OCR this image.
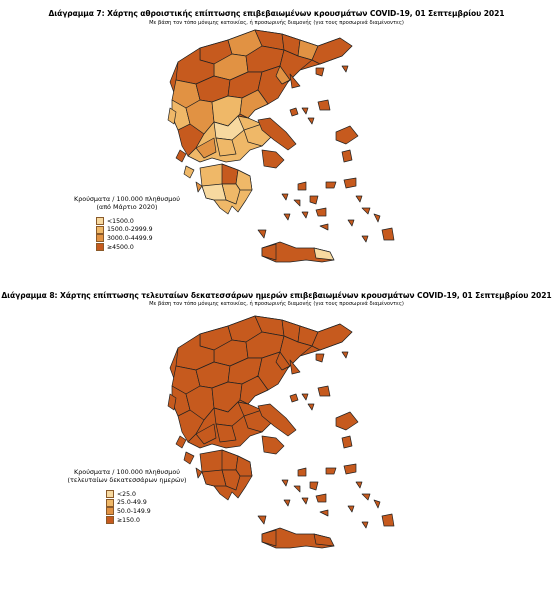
Διάγραμμα 7: Χάρτης αθροιστικής επίπτωσης επιβεβαιωμένων κρουσμάτων COVID-19, 01 Σεπτεμβρίου 2021
Με βάση τον τόπο μόνιμης κατοικίας, ή προσωρινής διαμονής (για τους προσωρινά διαμένοντες)
Κρούσματα / 100.000 πληθυσμού
(από Μάρτιο 2020)
<1500.0
1500.0-2999.9
3000.0-4499.9
≥4500.0
Διάγραμμα 8: Χάρτης επίπτωσης τελευταίων δεκατεσσάρων ημερών επιβεβαιωμένων κρουσμάτων COVID-19, 01 Σεπτεμβρίου 2021
Με βάση τον τόπο μόνιμης κατοικίας, ή προσωρινής διαμονής (για τους προσωρινά διαμένοντες)
Κρούσματα / 100.000 πληθυσμού
(τελευταίων δεκατεσσάρων ημερών)
<25.0
25.0-49.9
50.0-149.9
≥150.0
